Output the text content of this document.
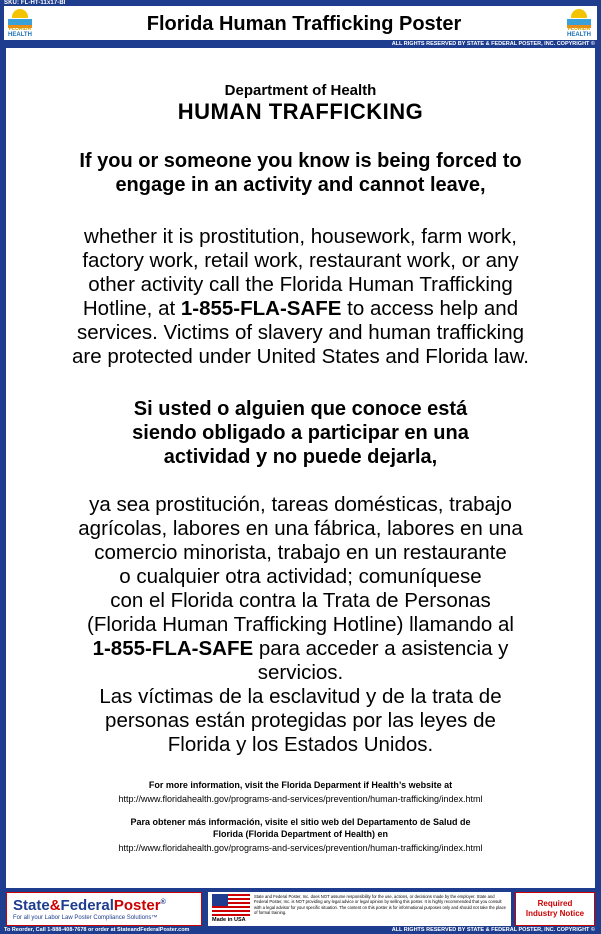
SKU: FL-HT-11x17-BI
FLORIDA
HEALTH	Florida Human Trafficking Poster	FLORIDA
HEALTH
ALL RIGHTS RESERVED BY STATE & FEDERAL POSTER, INC. COPYRIGHT ©
Department of Health
HUMAN TRAFFICKING
If you or someone you know is being forced to
engage in an activity and cannot leave,
whether it is prostitution, housework, farm work,
factory work, retail work, restaurant work, or any
other activity call the Florida Human Trafficking
Hotline, at 1-855-FLA-SAFE to access help and
services. Victims of slavery and human trafficking
are protected under United States and Florida law.
Si usted o alguien que conoce está
siendo obligado a participar en una
actividad y no puede dejarla,
ya sea prostitución, tareas domésticas, trabajo
agrícolas, labores en una fábrica, labores en una
comercio minorista, trabajo en un restaurante
o cualquier otra actividad; comuníquese
con el Florida contra la Trata de Personas
(Florida Human Trafficking Hotline) llamando al
1-855-FLA-SAFE para acceder a asistencia y
servicios.
Las víctimas de la esclavitud y de la trata de
personas están protegidas por las leyes de
Florida y los Estados Unidos.
For more information, visit the Florida Deparment if Health’s website at
http://www.floridahealth.gov/programs-and-services/prevention/human-trafficking/index.html
Para obtener más información, visite el sitio web del Departamento de Salud de
Florida (Florida Department of Health) en
http://www.floridahealth.gov/programs-and-services/prevention/human-trafficking/index.html
State&FederalPoster®
For all your Labor Law Poster Compliance Solutions™	Made in USA
State and Federal Poster, Inc. does NOT assume responsibility for the use, actions, or decisions made by the employer. State and Federal Poster, Inc. is NOT providing any legal advice or legal opinion by selling this poster. It is highly recommended that you consult with a legal advisor for your specific situation. The content on this poster is for informational purposes only and should not take the place of formal training.
Required
Industry Notice
To Reorder, Call 1-888-408-7678 or order at StateandFederalPoster.com	ALL RIGHTS RESERVED BY STATE & FEDERAL POSTER, INC. COPYRIGHT ©
